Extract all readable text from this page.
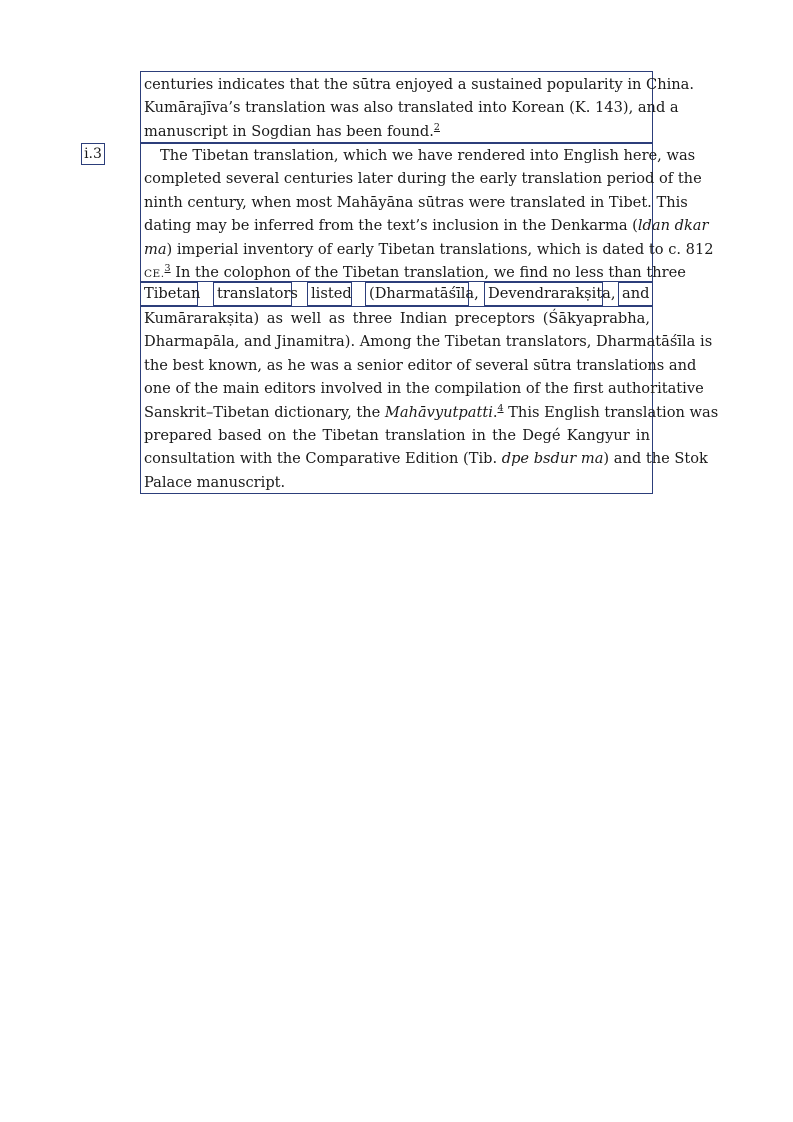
centuries indicates that the sūtra enjoyed a sustained popularity in China.
Kumārajīva’s translation was also translated into Korean (K. 143), and a
manuscript in Sogdian has been found.$^2$
i.3	The Tibetan translation, which we have rendered into English here, was
completed several centuries later during the early translation period of the
ninth century, when most Mahāyāna sūtras were translated in Tibet. This
dating may be inferred from the text’s inclusion in the Denkarma (ldan dkar
ma) imperial inventory of early Tibetan translations, which is dated to c. 812
CE.$^3$ In the colophon of the Tibetan translation, we find no less than three
Tibetan translators listed (Dharmatāśīla, Devendrarakṣita, and
Kumārarakṣita) as well as three Indian preceptors (Śākyaprabha,
Dharmapāla, and Jinamitra). Among the Tibetan translators, Dharmatāśīla is
the best known, as he was a senior editor of several sūtra translations and
one of the main editors involved in the compilation of the first authoritative
Sanskrit–Tibetan dictionary, the Mahāvyutpatti.$^4$ This English translation was
prepared based on the Tibetan translation in the Degé Kangyur in
consultation with the Comparative Edition (Tib. dpe bsdur ma) and the Stok
Palace manuscript.
